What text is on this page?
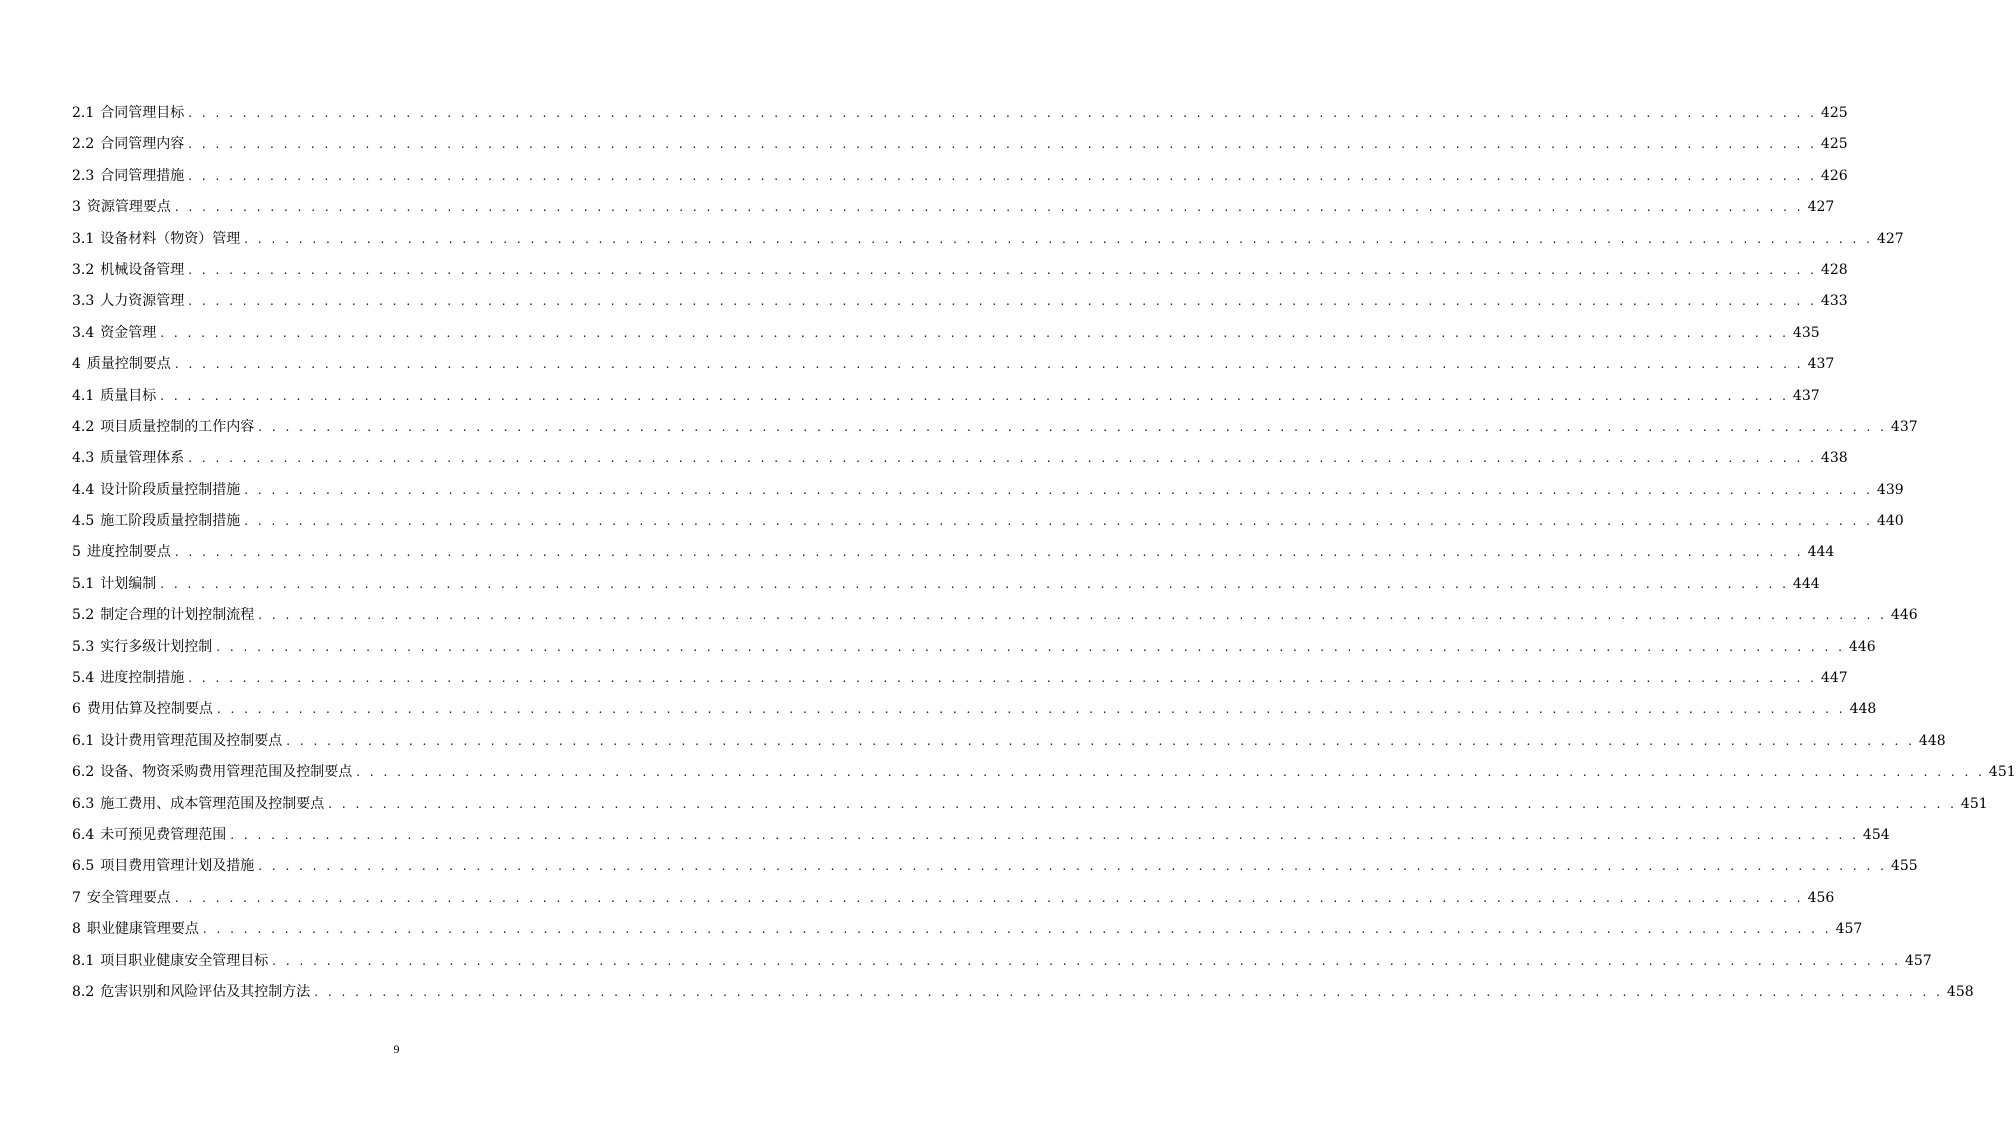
2.1 合同管理目标 . . . . . . . . . . . . . . . . . . . . . . . . . . . . . . . . . . . . . . . . . . . . . . . . . . . . . . . . . . . . . . . . . . . . . . . . . . . . . . . . . . . . . . . . . . . . . . . . . . . . . . . . . . . . . . . . . . . . . . . . 425
2.2 合同管理内容 . . . . . . . . . . . . . . . . . . . . . . . . . . . . . . . . . . . . . . . . . . . . . . . . . . . . . . . . . . . . . . . . . . . . . . . . . . . . . . . . . . . . . . . . . . . . . . . . . . . . . . . . . . . . . . . . . . . . . . . . 425
2.3 合同管理措施 . . . . . . . . . . . . . . . . . . . . . . . . . . . . . . . . . . . . . . . . . . . . . . . . . . . . . . . . . . . . . . . . . . . . . . . . . . . . . . . . . . . . . . . . . . . . . . . . . . . . . . . . . . . . . . . . . . . . . . . . 426
3 资源管理要点 . . . . . . . . . . . . . . . . . . . . . . . . . . . . . . . . . . . . . . . . . . . . . . . . . . . . . . . . . . . . . . . . . . . . . . . . . . . . . . . . . . . . . . . . . . . . . . . . . . . . . . . . . . . . . . . . . . . . . . . . 427
3.1 设备材料（物资）管理 . . . . . . . . . . . . . . . . . . . . . . . . . . . . . . . . . . . . . . . . . . . . . . . . . . . . . . . . . . . . . . . . . . . . . . . . . . . . . . . . . . . . . . . . . . . . . . . . . . . . . . . . . . . . . . . . . . . . . . . . 427
3.2 机械设备管理 . . . . . . . . . . . . . . . . . . . . . . . . . . . . . . . . . . . . . . . . . . . . . . . . . . . . . . . . . . . . . . . . . . . . . . . . . . . . . . . . . . . . . . . . . . . . . . . . . . . . . . . . . . . . . . . . . . . . . . . . 428
3.3 人力资源管理 . . . . . . . . . . . . . . . . . . . . . . . . . . . . . . . . . . . . . . . . . . . . . . . . . . . . . . . . . . . . . . . . . . . . . . . . . . . . . . . . . . . . . . . . . . . . . . . . . . . . . . . . . . . . . . . . . . . . . . . . 433
3.4 资金管理 . . . . . . . . . . . . . . . . . . . . . . . . . . . . . . . . . . . . . . . . . . . . . . . . . . . . . . . . . . . . . . . . . . . . . . . . . . . . . . . . . . . . . . . . . . . . . . . . . . . . . . . . . . . . . . . . . . . . . . . . 435
4 质量控制要点 . . . . . . . . . . . . . . . . . . . . . . . . . . . . . . . . . . . . . . . . . . . . . . . . . . . . . . . . . . . . . . . . . . . . . . . . . . . . . . . . . . . . . . . . . . . . . . . . . . . . . . . . . . . . . . . . . . . . . . . . 437
4.1 质量目标 . . . . . . . . . . . . . . . . . . . . . . . . . . . . . . . . . . . . . . . . . . . . . . . . . . . . . . . . . . . . . . . . . . . . . . . . . . . . . . . . . . . . . . . . . . . . . . . . . . . . . . . . . . . . . . . . . . . . . . . . 437
4.2 项目质量控制的工作内容 . . . . . . . . . . . . . . . . . . . . . . . . . . . . . . . . . . . . . . . . . . . . . . . . . . . . . . . . . . . . . . . . . . . . . . . . . . . . . . . . . . . . . . . . . . . . . . . . . . . . . . . . . . . . . . . . . . . . . . . . 437
4.3 质量管理体系 . . . . . . . . . . . . . . . . . . . . . . . . . . . . . . . . . . . . . . . . . . . . . . . . . . . . . . . . . . . . . . . . . . . . . . . . . . . . . . . . . . . . . . . . . . . . . . . . . . . . . . . . . . . . . . . . . . . . . . . . 438
4.4 设计阶段质量控制措施 . . . . . . . . . . . . . . . . . . . . . . . . . . . . . . . . . . . . . . . . . . . . . . . . . . . . . . . . . . . . . . . . . . . . . . . . . . . . . . . . . . . . . . . . . . . . . . . . . . . . . . . . . . . . . . . . . . . . . . . . 439
4.5 施工阶段质量控制措施 . . . . . . . . . . . . . . . . . . . . . . . . . . . . . . . . . . . . . . . . . . . . . . . . . . . . . . . . . . . . . . . . . . . . . . . . . . . . . . . . . . . . . . . . . . . . . . . . . . . . . . . . . . . . . . . . . . . . . . . . 440
5 进度控制要点 . . . . . . . . . . . . . . . . . . . . . . . . . . . . . . . . . . . . . . . . . . . . . . . . . . . . . . . . . . . . . . . . . . . . . . . . . . . . . . . . . . . . . . . . . . . . . . . . . . . . . . . . . . . . . . . . . . . . . . . . 444
5.1 计划编制 . . . . . . . . . . . . . . . . . . . . . . . . . . . . . . . . . . . . . . . . . . . . . . . . . . . . . . . . . . . . . . . . . . . . . . . . . . . . . . . . . . . . . . . . . . . . . . . . . . . . . . . . . . . . . . . . . . . . . . . . 444
5.2 制定合理的计划控制流程 . . . . . . . . . . . . . . . . . . . . . . . . . . . . . . . . . . . . . . . . . . . . . . . . . . . . . . . . . . . . . . . . . . . . . . . . . . . . . . . . . . . . . . . . . . . . . . . . . . . . . . . . . . . . . . . . . . . . . . . . 446
5.3 实行多级计划控制 . . . . . . . . . . . . . . . . . . . . . . . . . . . . . . . . . . . . . . . . . . . . . . . . . . . . . . . . . . . . . . . . . . . . . . . . . . . . . . . . . . . . . . . . . . . . . . . . . . . . . . . . . . . . . . . . . . . . . . . . 446
5.4 进度控制措施 . . . . . . . . . . . . . . . . . . . . . . . . . . . . . . . . . . . . . . . . . . . . . . . . . . . . . . . . . . . . . . . . . . . . . . . . . . . . . . . . . . . . . . . . . . . . . . . . . . . . . . . . . . . . . . . . . . . . . . . . 447
6 费用估算及控制要点 . . . . . . . . . . . . . . . . . . . . . . . . . . . . . . . . . . . . . . . . . . . . . . . . . . . . . . . . . . . . . . . . . . . . . . . . . . . . . . . . . . . . . . . . . . . . . . . . . . . . . . . . . . . . . . . . . . . . . . . . 448
6.1 设计费用管理范围及控制要点 . . . . . . . . . . . . . . . . . . . . . . . . . . . . . . . . . . . . . . . . . . . . . . . . . . . . . . . . . . . . . . . . . . . . . . . . . . . . . . . . . . . . . . . . . . . . . . . . . . . . . . . . . . . . . . . . . . . . . . . . 448
6.2 设备、物资采购费用管理范围及控制要点 . . . . . . . . . . . . . . . . . . . . . . . . . . . . . . . . . . . . . . . . . . . . . . . . . . . . . . . . . . . . . . . . . . . . . . . . . . . . . . . . . . . . . . . . . . . . . . . . . . . . . . . . . . . . . . . . . . . . . . . . 451
6.3 施工费用、成本管理范围及控制要点 . . . . . . . . . . . . . . . . . . . . . . . . . . . . . . . . . . . . . . . . . . . . . . . . . . . . . . . . . . . . . . . . . . . . . . . . . . . . . . . . . . . . . . . . . . . . . . . . . . . . . . . . . . . . . . . . . . . . . . . . 451
6.4 未可预见费管理范围 . . . . . . . . . . . . . . . . . . . . . . . . . . . . . . . . . . . . . . . . . . . . . . . . . . . . . . . . . . . . . . . . . . . . . . . . . . . . . . . . . . . . . . . . . . . . . . . . . . . . . . . . . . . . . . . . . . . . . . . . 454
6.5 项目费用管理计划及措施 . . . . . . . . . . . . . . . . . . . . . . . . . . . . . . . . . . . . . . . . . . . . . . . . . . . . . . . . . . . . . . . . . . . . . . . . . . . . . . . . . . . . . . . . . . . . . . . . . . . . . . . . . . . . . . . . . . . . . . . . 455
7 安全管理要点 . . . . . . . . . . . . . . . . . . . . . . . . . . . . . . . . . . . . . . . . . . . . . . . . . . . . . . . . . . . . . . . . . . . . . . . . . . . . . . . . . . . . . . . . . . . . . . . . . . . . . . . . . . . . . . . . . . . . . . . . 456
8 职业健康管理要点 . . . . . . . . . . . . . . . . . . . . . . . . . . . . . . . . . . . . . . . . . . . . . . . . . . . . . . . . . . . . . . . . . . . . . . . . . . . . . . . . . . . . . . . . . . . . . . . . . . . . . . . . . . . . . . . . . . . . . . . . 457
8.1 项目职业健康安全管理目标 . . . . . . . . . . . . . . . . . . . . . . . . . . . . . . . . . . . . . . . . . . . . . . . . . . . . . . . . . . . . . . . . . . . . . . . . . . . . . . . . . . . . . . . . . . . . . . . . . . . . . . . . . . . . . . . . . . . . . . . . 457
8.2 危害识别和风险评估及其控制方法 . . . . . . . . . . . . . . . . . . . . . . . . . . . . . . . . . . . . . . . . . . . . . . . . . . . . . . . . . . . . . . . . . . . . . . . . . . . . . . . . . . . . . . . . . . . . . . . . . . . . . . . . . . . . . . . . . . . . . . . . 458
9
